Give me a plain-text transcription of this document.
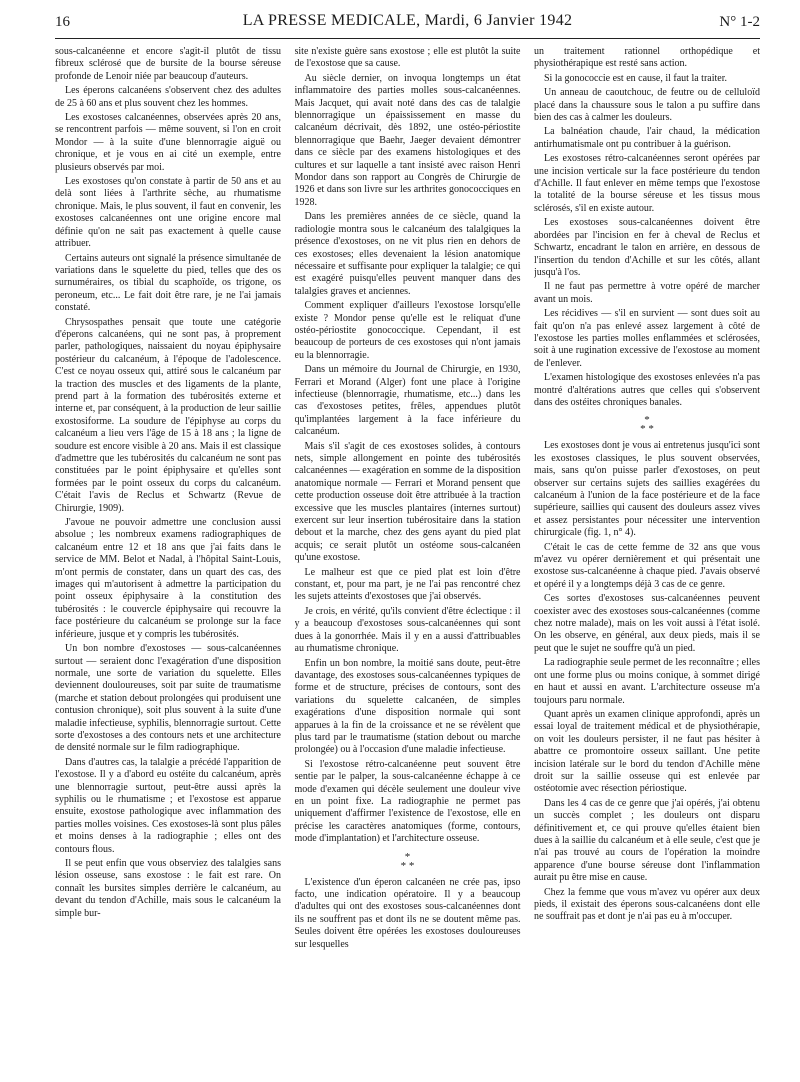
16	LA PRESSE MEDICALE, Mardi, 6 Janvier 1942	N° 1-2

sous-calcanéenne et encore s'agit-il plutôt de tissu fibreux sclérosé que de bursite de la bourse séreuse profonde de Lenoir niée par beaucoup d'auteurs.

Les éperons calcanéens s'observent chez des adultes de 25 à 60 ans et plus souvent chez les hommes.

Les exostoses calcanéennes, observées après 20 ans, se rencontrent parfois — même souvent, si l'on en croit Mondor — à la suite d'une blennorragie aiguë ou chronique, et je vous en ai cité un exemple, entre plusieurs observés par moi.

Les exostoses qu'on constate à partir de 50 ans et au delà sont liées à l'arthrite sèche, au rhumatisme chronique. Mais, le plus souvent, il faut en convenir, les exostoses calcanéennes ont une origine encore mal définie qu'on ne sait pas exactement à quelle cause attribuer.

Certains auteurs ont signalé la présence simultanée de variations dans le squelette du pied, telles que des os surnuméraires, os tibial du scaphoïde, os trigone, os peroneum, etc... Le fait doit être rare, je ne l'ai jamais constaté.

Chrysospathes pensait que toute une catégorie d'éperons calcanéens, qui ne sont pas, à proprement parler, pathologiques, naissaient du noyau épiphysaire postérieur du calcanéum, à l'époque de l'adolescence. C'est ce noyau osseux qui, attiré sous le calcanéum par la traction des muscles et des ligaments de la plante, prend part à la formation des tubérosités externe et interne et, par conséquent, à la production de leur saillie exostosiforme. La soudure de l'épiphyse au corps du calcanéum a lieu vers l'âge de 15 à 18 ans ; la ligne de soudure est encore visible à 20 ans. Mais il est classique d'admettre que les tubérosités du calcanéum ne sont pas constituées par le point épiphysaire et qu'elles sont formées par le point osseux du corps du calcanéum. C'était l'avis de Reclus et Schwartz (Revue de Chirurgie, 1909).

J'avoue ne pouvoir admettre une conclusion aussi absolue ; les nombreux examens radiographiques de calcanéum entre 12 et 18 ans que j'ai faits dans le service de MM. Belot et Nadal, à l'hôpital Saint-Louis, m'ont permis de constater, dans un quart des cas, des images qui m'autorisent à admettre la participation du point osseux épiphysaire à la constitution des tubérosités : le couvercle épiphysaire qui recouvre la face postérieure du calcanéum se prolonge sur la face inférieure, jusque et y compris les tubérosités.

Un bon nombre d'exostoses — sous-calcanéennes surtout — seraient donc l'exagération d'une disposition normale, une sorte de variation du squelette. Elles deviennent douloureuses, soit par suite de traumatisme (marche et station debout prolongées qui produisent une contusion chronique), soit plus souvent à la suite d'une maladie infectieuse, syphilis, blennorragie surtout. Cette sorte d'exostoses a des contours nets et une architecture de densité normale sur le film radiographique.

Dans d'autres cas, la talalgie a précédé l'apparition de l'exostose. Il y a d'abord eu ostéite du calcanéum, après une blennorragie surtout, peut-être aussi après la syphilis ou le rhumatisme ; et l'exostose est apparue ensuite, exostose pathologique avec inflammation des parties molles voisines. Ces exostoses-là sont plus pâles et moins denses à la radiographie ; elles ont des contours flous.

Il se peut enfin que vous observiez des talalgies sans lésion osseuse, sans exostose : le fait est rare. On connaît les bursites simples derrière le calcanéum, au devant du tendon d'Achille, mais sous le calcanéum la simple bur-

site n'existe guère sans exostose ; elle est plutôt la suite de l'exostose que sa cause.

Au siècle dernier, on invoqua longtemps un état inflammatoire des parties molles sous-calcanéennes. Mais Jacquet, qui avait noté dans des cas de talalgie blennorragique un épaississement en masse du calcanéum décrivait, dès 1892, une ostéo-périostite blennorragique que Baehr, Jaeger devaient démontrer dans ce siècle par des examens histologiques et des cultures et sur laquelle a tant insisté avec raison Henri Mondor dans son rapport au Congrès de Chirurgie de 1926 et dans son livre sur les arthrites gonococciques en 1928.

Dans les premières années de ce siècle, quand la radiologie montra sous le calcanéum des talalgiques la présence d'exostoses, on ne vit plus rien en dehors de ces exostoses; elles devenaient la lésion anatomique nécessaire et suffisante pour expliquer la talalgie; ce qui est exagéré puisqu'elles peuvent manquer dans des talalgies graves et anciennes.

Comment expliquer d'ailleurs l'exostose lorsqu'elle existe ? Mondor pense qu'elle est le reliquat d'une ostéo-périostite gonococcique. Cependant, il est beaucoup de porteurs de ces exostoses qui n'ont jamais eu la blennorragie.

Dans un mémoire du Journal de Chirurgie, en 1930, Ferrari et Morand (Alger) font une place à l'origine infectieuse (blennorragie, rhumatisme, etc...) dans les cas d'exostoses petites, frêles, appendues plutôt qu'implantées largement à la face inférieure du calcanéum.

Mais s'il s'agit de ces exostoses solides, à contours nets, simple allongement en pointe des tubérosités calcanéennes — exagération en somme de la disposition anatomique normale — Ferrari et Morand pensent que cette production osseuse doit être attribuée à la traction excessive que les muscles plantaires (internes surtout) exercent sur leur insertion tubérositaire dans la station debout et la marche, chez des gens ayant du pied plat acquis; ce serait plutôt un ostéome sous-calcanéen qu'une exostose.

Le malheur est que ce pied plat est loin d'être constant, et, pour ma part, je ne l'ai pas rencontré chez les sujets atteints d'exostoses que j'ai observés.

Je crois, en vérité, qu'ils convient d'être éclectique : il y a beaucoup d'exostoses sous-calcanéennes qui sont dues à la gonorrhée. Mais il y en a aussi d'attribuables au rhumatisme chronique.

Enfin un bon nombre, la moitié sans doute, peut-être davantage, des exostoses sous-calcanéennes typiques de forme et de structure, précises de contours, sont des variations du squelette calcanéen, de simples exagérations d'une disposition normale qui sont apparues à la fin de la croissance et ne se révèlent que plus tard par le traumatisme (station debout ou marche prolongée) ou à l'occasion d'une maladie infectieuse.

Si l'exostose rétro-calcanéenne peut souvent être sentie par le palper, la sous-calcanéenne échappe à ce mode d'examen qui décèle seulement une douleur vive en un point fixe. La radiographie ne permet pas uniquement d'affirmer l'existence de l'exostose, elle en précise les caractères anatomiques (forme, contours, mode d'implantation) et l'architecture osseuse.

*
* *

L'existence d'un éperon calcanéen ne crée pas, ipso facto, une indication opératoire. Il y a beaucoup d'adultes qui ont des exostoses sous-calcanéennes dont ils ne souffrent pas et dont ils ne se doutent même pas. Seules doivent être opérées les exostoses douloureuses sur lesquelles

un traitement rationnel orthopédique et physiothérapique est resté sans action.

Si la gonococcie est en cause, il faut la traiter.

Un anneau de caoutchouc, de feutre ou de celluloïd placé dans la chaussure sous le talon a pu suffire dans bien des cas à calmer les douleurs.

La balnéation chaude, l'air chaud, la médication antirhumatismale ont pu contribuer à la guérison.

Les exostoses rétro-calcanéennes seront opérées par une incision verticale sur la face postérieure du tendon d'Achille. Il faut enlever en même temps que l'exostose la totalité de la bourse séreuse et les tissus mous sclérosés, s'il en existe autour.

Les exostoses sous-calcanéennes doivent être abordées par l'incision en fer à cheval de Reclus et Schwartz, encadrant le talon en arrière, en dessous de l'insertion du tendon d'Achille et sur les côtés, allant jusqu'à l'os.

Il ne faut pas permettre à votre opéré de marcher avant un mois.

Les récidives — s'il en survient — sont dues soit au fait qu'on n'a pas enlevé assez largement à côté de l'exostose les parties molles enflammées et sclérosées, soit à une rugination excessive de l'exostose au moment de l'enlever.

L'examen histologique des exostoses enlevées n'a pas montré d'altérations autres que celles qui s'observent dans des ostéites chroniques banales.

*
* *

Les exostoses dont je vous ai entretenus jusqu'ici sont les exostoses classiques, le plus souvent observées, mais, sans qu'on puisse parler d'exostoses, on peut observer sur certains sujets des saillies exagérées du calcanéum à l'union de la face postérieure et de la face supérieure, saillies qui causent des douleurs assez vives et assez persistantes pour nécessiter une intervention chirurgicale (fig. 1, n° 4).

C'était le cas de cette femme de 32 ans que vous m'avez vu opérer dernièrement et qui présentait une exostose sus-calcanéenne à chaque pied. J'avais observé et opéré il y a longtemps déjà 3 cas de ce genre.

Ces sortes d'exostoses sus-calcanéennes peuvent coexister avec des exostoses sous-calcanéennes (comme chez notre malade), mais on les voit aussi à l'état isolé. On les observe, en général, aux deux pieds, mais il se peut que le sujet ne souffre qu'à un pied.

La radiographie seule permet de les reconnaître ; elles ont une forme plus ou moins conique, à sommet dirigé en haut et aussi en avant. L'architecture osseuse m'a toujours paru normale.

Quant après un examen clinique approfondi, après un essai loyal de traitement médical et de physiothérapie, on voit les douleurs persister, il ne faut pas hésiter à abattre ce promontoire osseux saillant. Une petite incision latérale sur le bord du tendon d'Achille mène droit sur la saillie osseuse qui est enlevée par ostéotomie avec résection périostique.

Dans les 4 cas de ce genre que j'ai opérés, j'ai obtenu un succès complet ; les douleurs ont disparu définitivement et, ce qui prouve qu'elles étaient bien dues à la saillie du calcanéum et à elle seule, c'est que je n'ai pas trouvé au cours de l'opération la moindre apparence d'une bourse séreuse dont l'inflammation aurait pu être mise en cause.

Chez la femme que vous m'avez vu opérer aux deux pieds, il existait des éperons sous-calcanéens dont elle ne souffrait pas et dont je n'ai pas eu à m'occuper.
